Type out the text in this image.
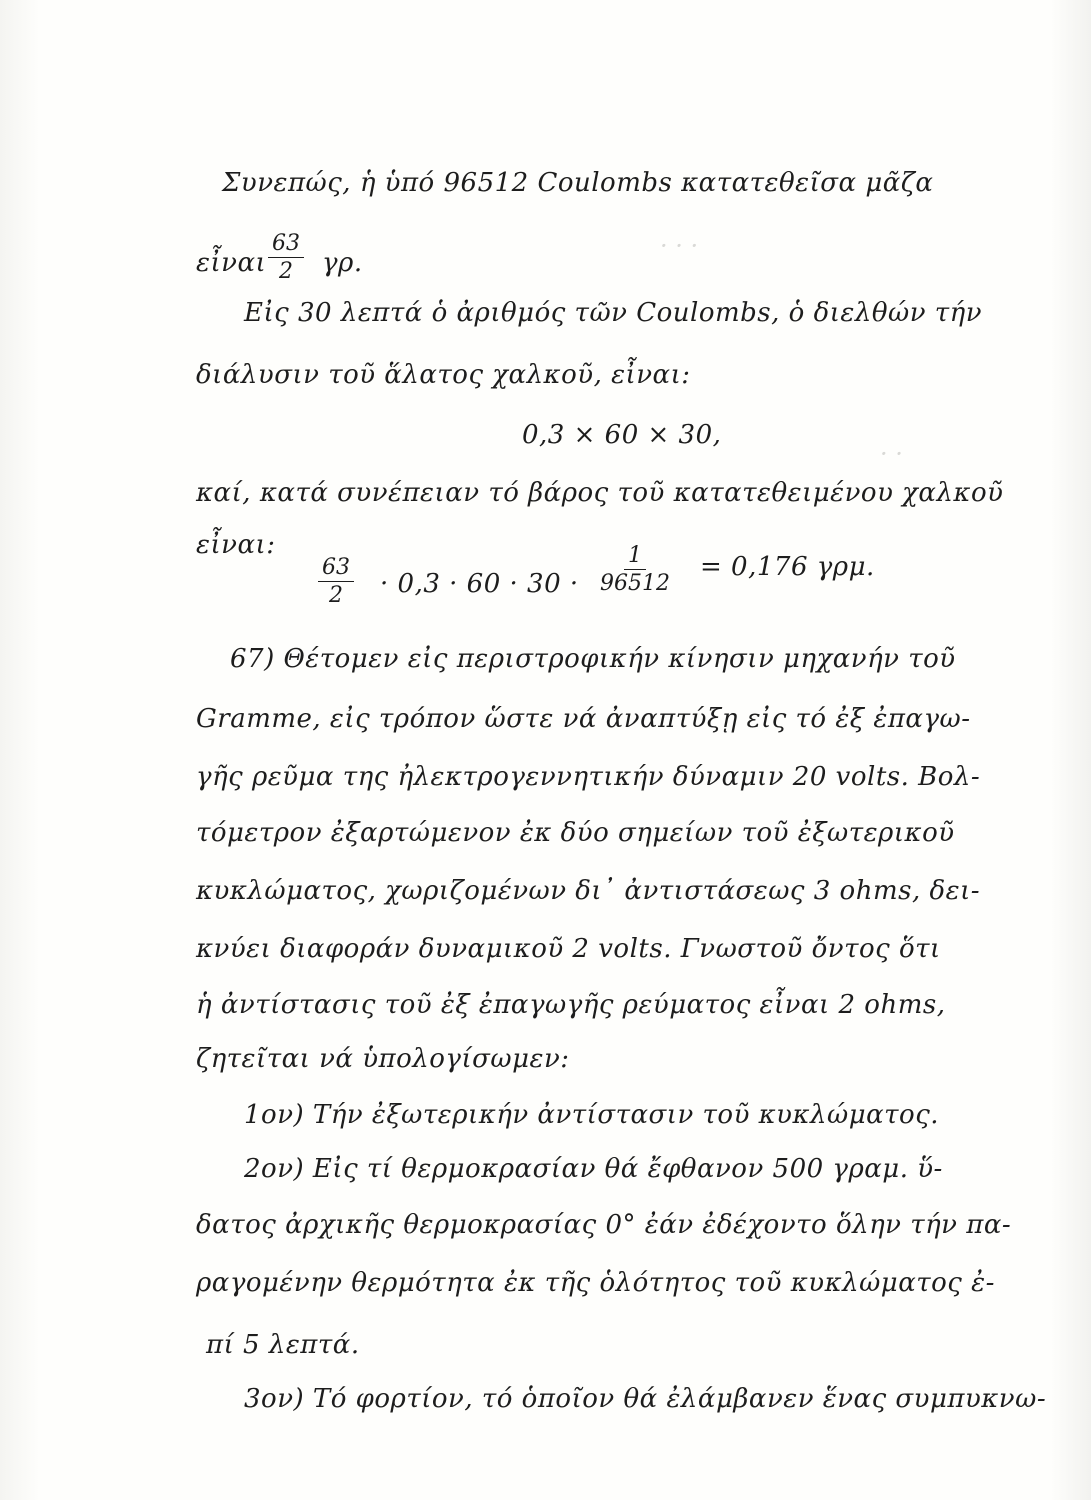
· · ·
· ·
Συνεπώς, ἡ ὑπό 96512 Coulombs κατατεθεῖσα μᾶζα
εἶναι $\frac{63}{2} \gamma\rho$.
Εἰς 30 λεπτά ὁ ἀριθμός τῶν Coulombs, ὁ διελθών τήν
διάλυσιν τοῦ ἅλατος χαλκοῦ, εἶναι:
0,3 × 60 × 30,
καί, κατά συνέπειαν τό βάρος τοῦ κατατεθειμένου χαλκοῦ
εἶναι:
$\frac{63}{2} \cdot 0,3 \cdot 60 \cdot 30 \cdot \frac{1}{96512} = 0,176$ γρμ.
67) Θέτομεν εἰς περιστροφικήν κίνησιν μηχανήν τοῦ
Gramme, εἰς τρόπον ὥστε νά ἀναπτύξῃ εἰς τό ἐξ ἐπαγω-
γῆς ρεῦμα της ἠλεκτρογεννητικήν δύναμιν 20 volts. Βολ-
τόμετρον ἐξαρτώμενον ἐκ δύο σημείων τοῦ ἐξωτερικοῦ
κυκλώματος, χωριζομένων δι᾽ ἀντιστάσεως 3 ohms, δει-
κνύει διαφοράν δυναμικοῦ 2 volts. Γνωστοῦ ὄντος ὅτι
ἡ ἀντίστασις τοῦ ἐξ ἐπαγωγῆς ρεύματος εἶναι 2 ohms,
ζητεῖται νά ὑπολογίσωμεν:
1ον) Τήν ἐξωτερικήν ἀντίστασιν τοῦ κυκλώματος.
2ον) Εἰς τί θερμοκρασίαν θά ἔφθανον 500 γραμ. ὕ-
δατος ἀρχικῆς θερμοκρασίας 0° ἐάν ἐδέχοντο ὅλην τήν πα-
ραγομένην θερμότητα ἐκ τῆς ὁλότητος τοῦ κυκλώματος ἐ-
πί 5 λεπτά.
3ον) Τό φορτίον, τό ὁποῖον θά ἐλάμβανεν ἕνας συμπυκνω-
